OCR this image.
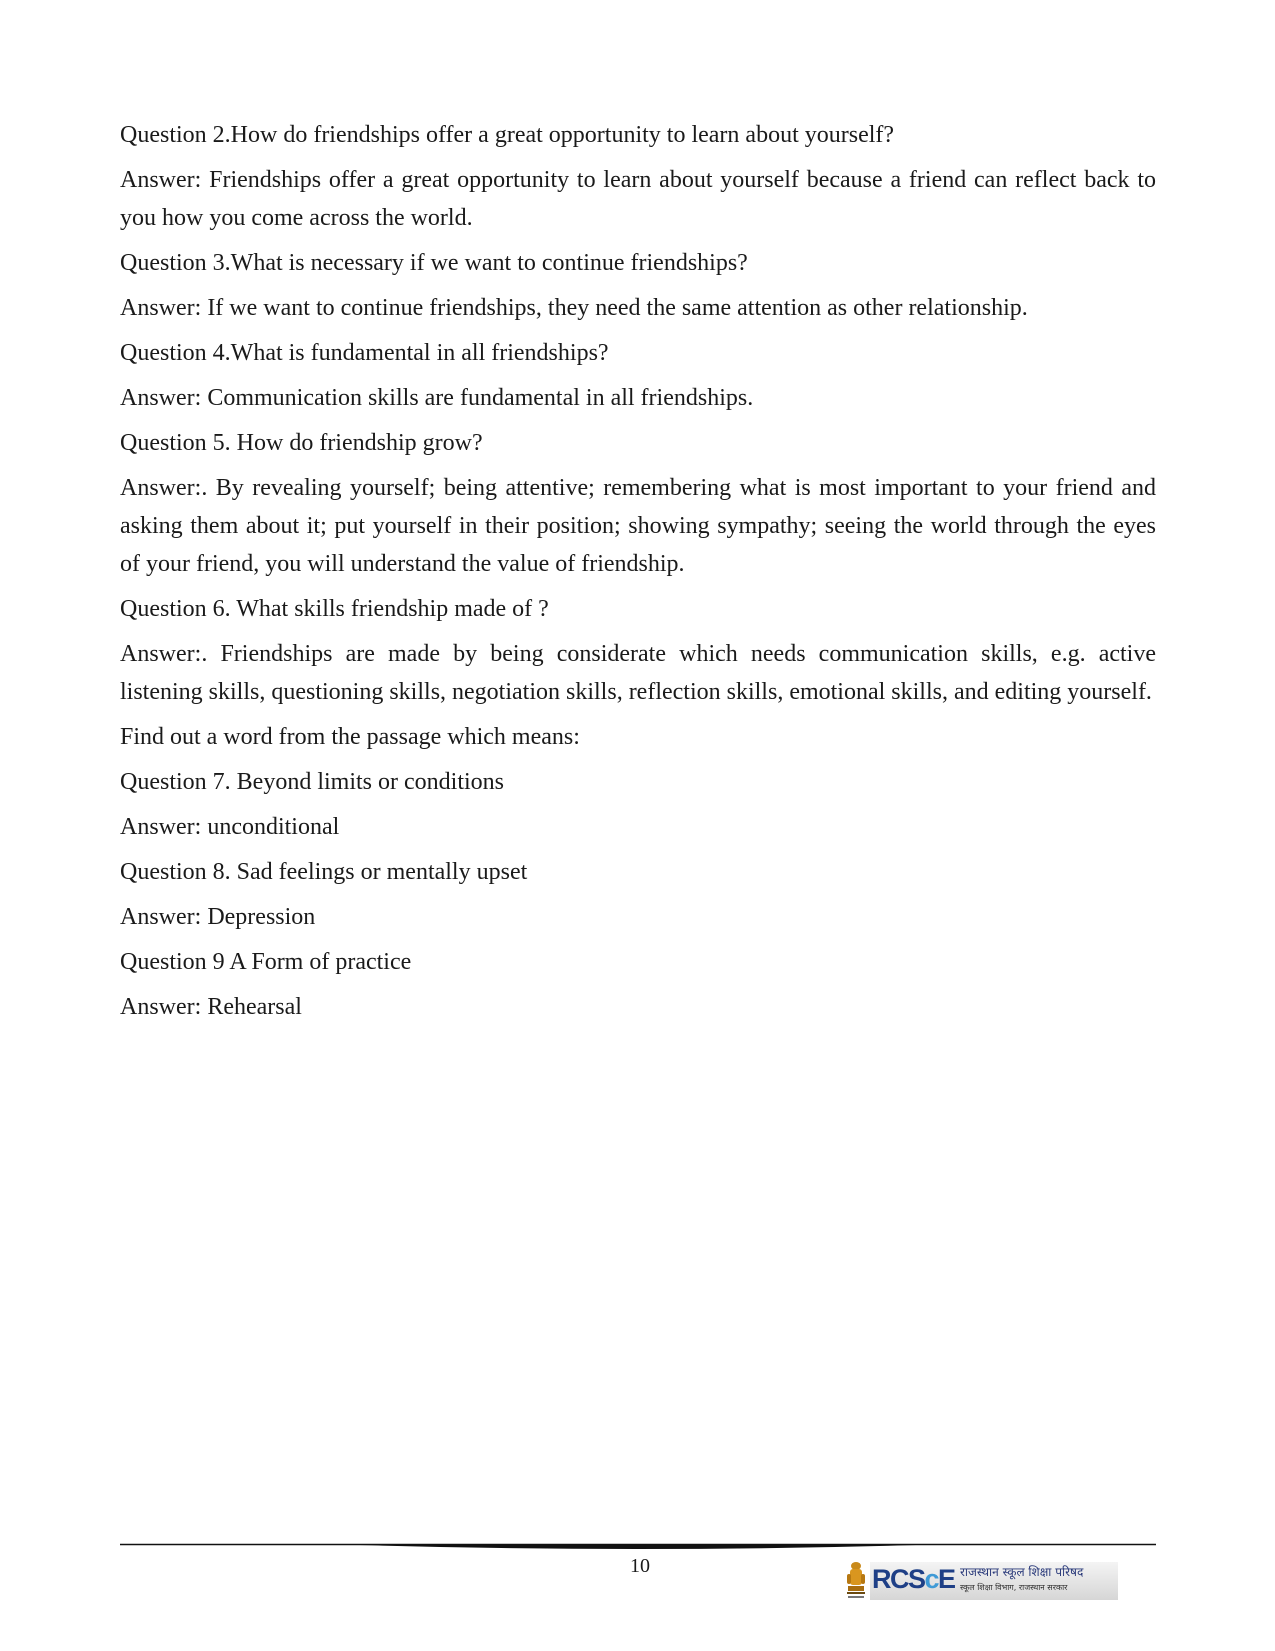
Question 2.How do friendships offer a great opportunity to learn about yourself?

Answer: Friendships offer a great opportunity to learn about yourself because a friend can reflect back to you how you come across the world.

Question 3.What is necessary if we want to continue friendships?

Answer: If we want to continue friendships, they need the same attention as other relationship.

Question 4.What is fundamental in all friendships?

Answer: Communication skills are fundamental in all friendships.

Question 5. How do friendship grow?

Answer:. By revealing yourself; being attentive; remembering what is most important to your friend and asking them about it; put yourself in their position; showing sympathy; seeing the world through the eyes of your friend, you will understand the value of friendship.

Question 6. What skills friendship made of ?

Answer:. Friendships are made by being considerate which needs communication skills, e.g. active listening skills, questioning skills, negotiation skills, reflection skills, emotional skills, and editing yourself.

Find out a word from the passage which means:

Question 7. Beyond limits or conditions

Answer: unconditional

Question 8. Sad feelings or mentally upset

Answer: Depression

Question 9 A Form of practice

Answer: Rehearsal

10	RCScE राजस्थान स्कूल शिक्षा परिषद
स्कूल शिक्षा विभाग, राजस्थान सरकार
